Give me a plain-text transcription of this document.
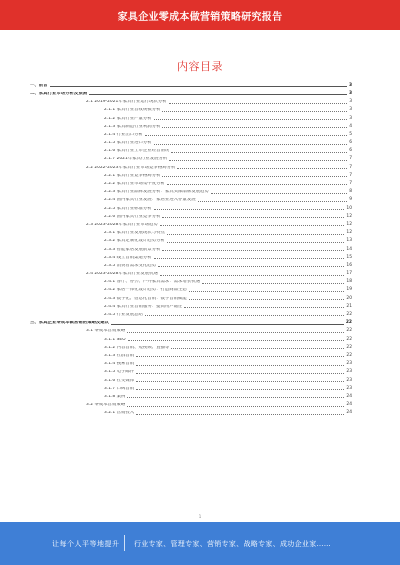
家具企业零成本做营销策略研究报告
内容目录
一、前言	3
二、家具行业市场分析及预测	3
2.1 2019-2021年家具行业运行现状分析	3
2.1.1 家具行业营收规模分析	3
2.1.2 家具行业产量分析	3
2.1.3 家具制造行业利润分析	4
2.1.4 行业出口分析	5
2.1.5 家具行业进口分析	6
2.1.6 家具行业上市企业经营情况	6
2.1.7 2021年家具行业发展分析	7
2.2 2022-2023年家具行业市场竞争格局分析	7
2.2.1 家具行业竞争格局分析	7
2.2.2 家具行业市场集中度分析	7
2.2.3 家具行业品牌发展分析：家具头部品牌发展趋势	8
2.2.4 国内家具行业发展：家居业进入存量发展	9
2.2.5 家具行业标准分析	10
2.2.6 国内家具行业竞争分析	12
2.3 2023-2028年家具行业市场趋势	12
2.3.1 家具行业发展现状与特点	12
2.3.2 家具定制化设计趋势分析	13
2.3.3 智能家居发展前景分析	14
2.3.4 线上营销渠道分析	15
2.3.5 消费者需求变化趋势	16
2.4 2023-2028年家具行业发展机遇	17
2.4.1 客厅、办公、户外家具需求：需求增长机遇	18
2.4.2 家居一体化设计趋势：打造商品生态	19
2.4.3 数字化、信息化营销：数字营销赋能	20
2.4.4 家具行业营销服务：提高用户黏性	21
2.4.5 行业发展总结	22
三、家具企业零成本做营销的策略及建议	22
3.1 零成本营销策略	22
3.1.1 SEO	22
3.1.2 内容营销、短视频、直播等	22
3.1.3 社群营销	22
3.1.4 搜索营销	23
3.1.5 电子邮件	23
3.1.6 社交媒体	23
3.1.7 口碑营销	23
3.1.8 案例	24
3.2 零成本营销策略	24
3.2.1 营销投入	24
1
让每个人平等地提升 行业专家、管理专家、营销专家、战略专家、成功企业家……
